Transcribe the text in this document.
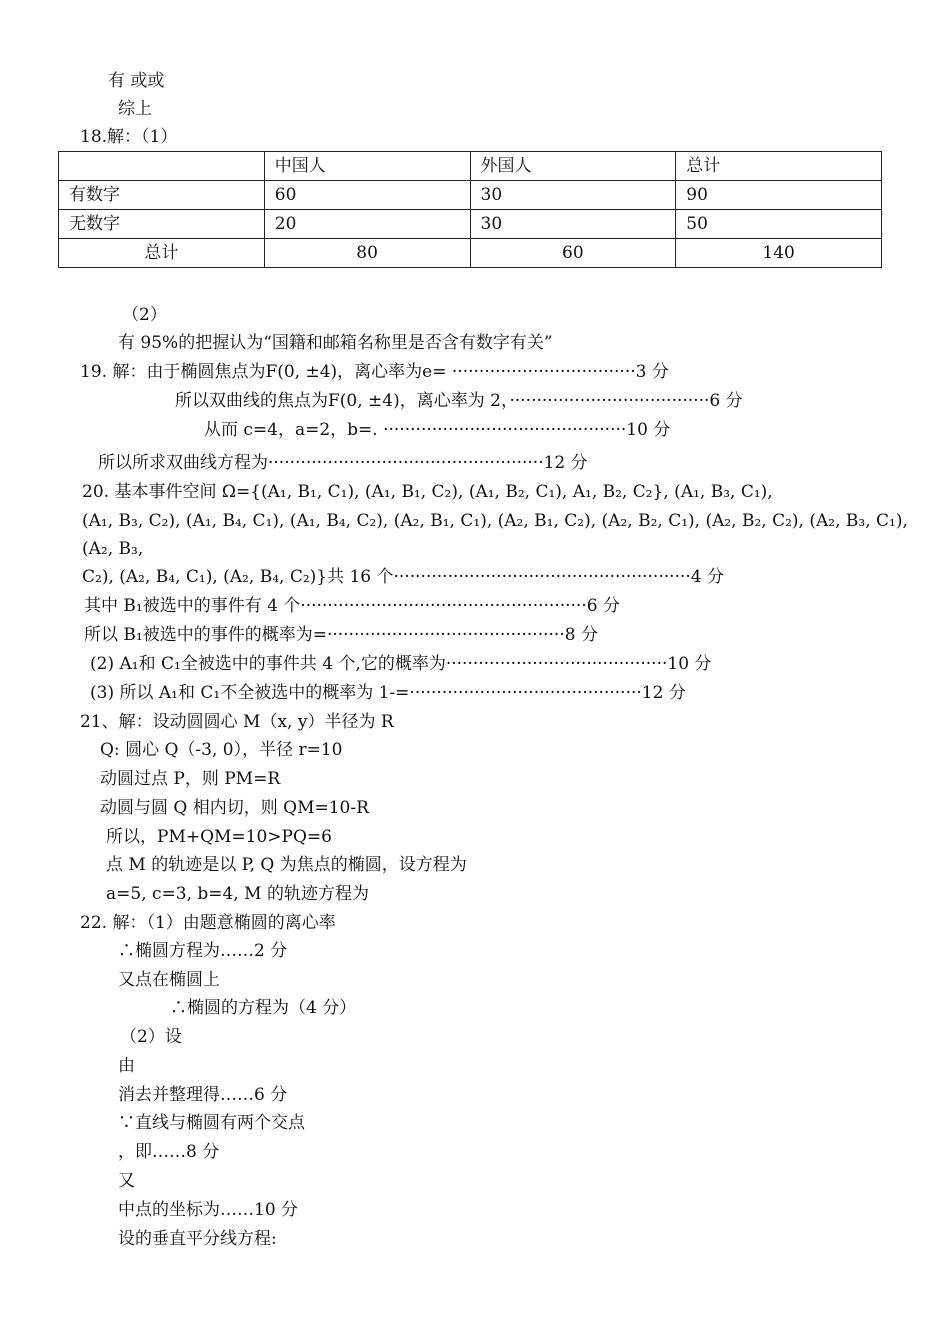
有 或或
综上
18.解：（1）
	中国人	外国人	总计
有数字	60	30	90
无数字	20	30	50
总计	80	60	140
（2）
有 95%的把握认为“国籍和邮箱名称里是否含有数字有关”
19. 解：由于椭圆焦点为F(0, ±4)，离心率为e= ··································3 分
所以双曲线的焦点为F(0, ±4)，离心率为 2，·····································6 分
从而 c=4，a=2，b=. ·············································10 分
所以所求双曲线方程为···················································12 分
20. 基本事件空间 Ω={(A₁, B₁, C₁), (A₁, B₁, C₂), (A₁, B₂, C₁), A₁, B₂, C₂}, (A₁, B₃, C₁),
(A₁, B₃, C₂), (A₁, B₄, C₁), (A₁, B₄, C₂), (A₂, B₁, C₁), (A₂, B₁, C₂), (A₂, B₂, C₁), (A₂, B₂, C₂), (A₂, B₃, C₁),
(A₂, B₃,
C₂), (A₂, B₄, C₁), (A₂, B₄, C₂)}共 16 个·······················································4 分
其中 B₁被选中的事件有 4 个·····················································6 分
所以 B₁被选中的事件的概率为=············································8 分
(2) A₁和 C₁全被选中的事件共 4 个,它的概率为·········································10 分
(3) 所以 A₁和 C₁不全被选中的概率为 1-=···········································12 分
21、解：设动圆圆心 M（x, y）半径为 R
Q: 圆心 Q（-3, 0），半径 r=10
动圆过点 P，则 PM=R
动圆与圆 Q 相内切，则 QM=10-R
所以，PM+QM=10>PQ=6
点 M 的轨迹是以 P, Q 为焦点的椭圆，设方程为
a=5, c=3, b=4, M 的轨迹方程为
22. 解：（1）由题意椭圆的离心率
∴椭圆方程为……2 分
又点在椭圆上
∴椭圆的方程为（4 分）
（2）设
由
消去并整理得……6 分
∵直线与椭圆有两个交点
，即……8 分
又
中点的坐标为……10 分
设的垂直平分线方程:
